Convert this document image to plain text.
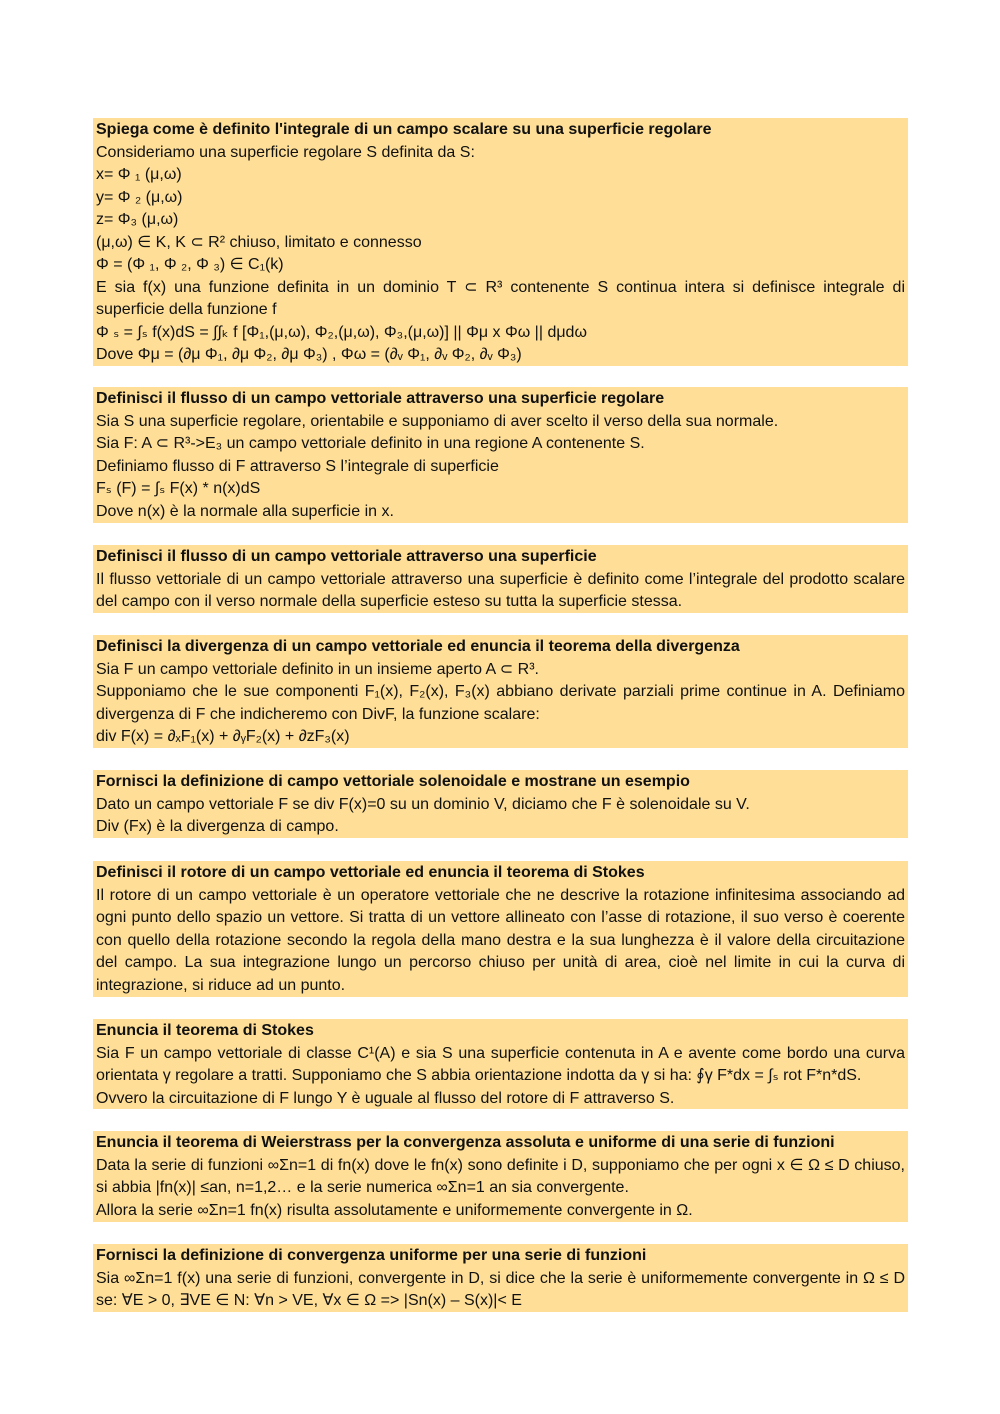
Spiega come è definito l'integrale di un campo scalare su una superficie regolare
Consideriamo una superficie regolare S definita da S:
x= Φ ₁ (μ,ω)
y= Φ ₂ (μ,ω)
z= Φ₃ (μ,ω)
(μ,ω) ∈ K, K ⊂ R² chiuso, limitato e connesso
Φ = (Φ ₁, Φ ₂, Φ ₃) ∈ C₁(k)
E sia f(x) una funzione definita in un dominio T ⊂ R³ contenente S continua intera si definisce integrale di superficie della funzione f
Φ ₛ = ∫ₛ f(x)dS = ∫∫ₖ f [Φ₁,(μ,ω), Φ₂,(μ,ω), Φ₃,(μ,ω)] || Φμ x Φω || dμdω
Dove Φμ = (∂μ Φ₁, ∂μ Φ₂, ∂μ Φ₃) , Φω = (∂ᵥ Φ₁, ∂ᵥ Φ₂, ∂ᵥ Φ₃)
Definisci il flusso di un campo vettoriale attraverso una superficie regolare
Sia S una superficie regolare, orientabile e supponiamo di aver scelto il verso della sua normale.
Sia F: A ⊂ R³->E₃ un campo vettoriale definito in una regione A contenente S.
Definiamo flusso di F attraverso S l’integrale di superficie
Fₛ (F) = ∫ₛ F(x) * n(x)dS
Dove n(x) è la normale alla superficie in x.
Definisci il flusso di un campo vettoriale attraverso una superficie
Il flusso vettoriale di un campo vettoriale attraverso una superficie è definito come l’integrale del prodotto scalare del campo con il verso normale della superficie esteso su tutta la superficie stessa.
Definisci la divergenza di un campo vettoriale ed enuncia il teorema della divergenza
Sia F un campo vettoriale definito in un insieme aperto A ⊂ R³.
Supponiamo che le sue componenti F₁(x), F₂(x), F₃(x) abbiano derivate parziali prime continue in A. Definiamo divergenza di F che indicheremo con DivF, la funzione scalare:
div F(x) = ∂ₓF₁(x) + ∂ᵧF₂(x) + ∂zF₃(x)
Fornisci la definizione di campo vettoriale solenoidale e mostrane un esempio
Dato un campo vettoriale F se div F(x)=0 su un dominio V, diciamo che F è solenoidale su V.
Div (Fx) è la divergenza di campo.
Definisci il rotore di un campo vettoriale ed enuncia il teorema di Stokes
Il rotore di un campo vettoriale è un operatore vettoriale che ne descrive la rotazione infinitesima associando ad ogni punto dello spazio un vettore. Si tratta di un vettore allineato con l’asse di rotazione, il suo verso è coerente con quello della rotazione secondo la regola della mano destra e la sua lunghezza è il valore della circuitazione del campo. La sua integrazione lungo un percorso chiuso per unità di area, cioè nel limite in cui la curva di integrazione, si riduce ad un punto.
Enuncia il teorema di Stokes
Sia F un campo vettoriale di classe C¹(A) e sia S una superficie contenuta in A e avente come bordo una curva orientata γ regolare a tratti. Supponiamo che S abbia orientazione indotta da γ si ha: ∮γ F*dx = ∫ₛ rot F*n*dS.
Ovvero la circuitazione di F lungo Y è uguale al flusso del rotore di F attraverso S.
Enuncia il teorema di Weierstrass per la convergenza assoluta e uniforme di una serie di funzioni
Data la serie di funzioni ∞Σn=1 di fn(x) dove le fn(x) sono definite i D, supponiamo che per ogni x ∈ Ω ≤ D chiuso, si abbia |fn(x)| ≤an, n=1,2… e la serie numerica ∞Σn=1 an sia convergente.
Allora la serie ∞Σn=1 fn(x) risulta assolutamente e uniformemente convergente in Ω.
Fornisci la definizione di convergenza uniforme per una serie di funzioni
Sia ∞Σn=1 f(x) una serie di funzioni, convergente in D, si dice che la serie è uniformemente convergente in Ω ≤ D se: ∀E > 0, ∃VE ∈ N: ∀n > VE, ∀x ∈ Ω => |Sn(x) – S(x)|< E
